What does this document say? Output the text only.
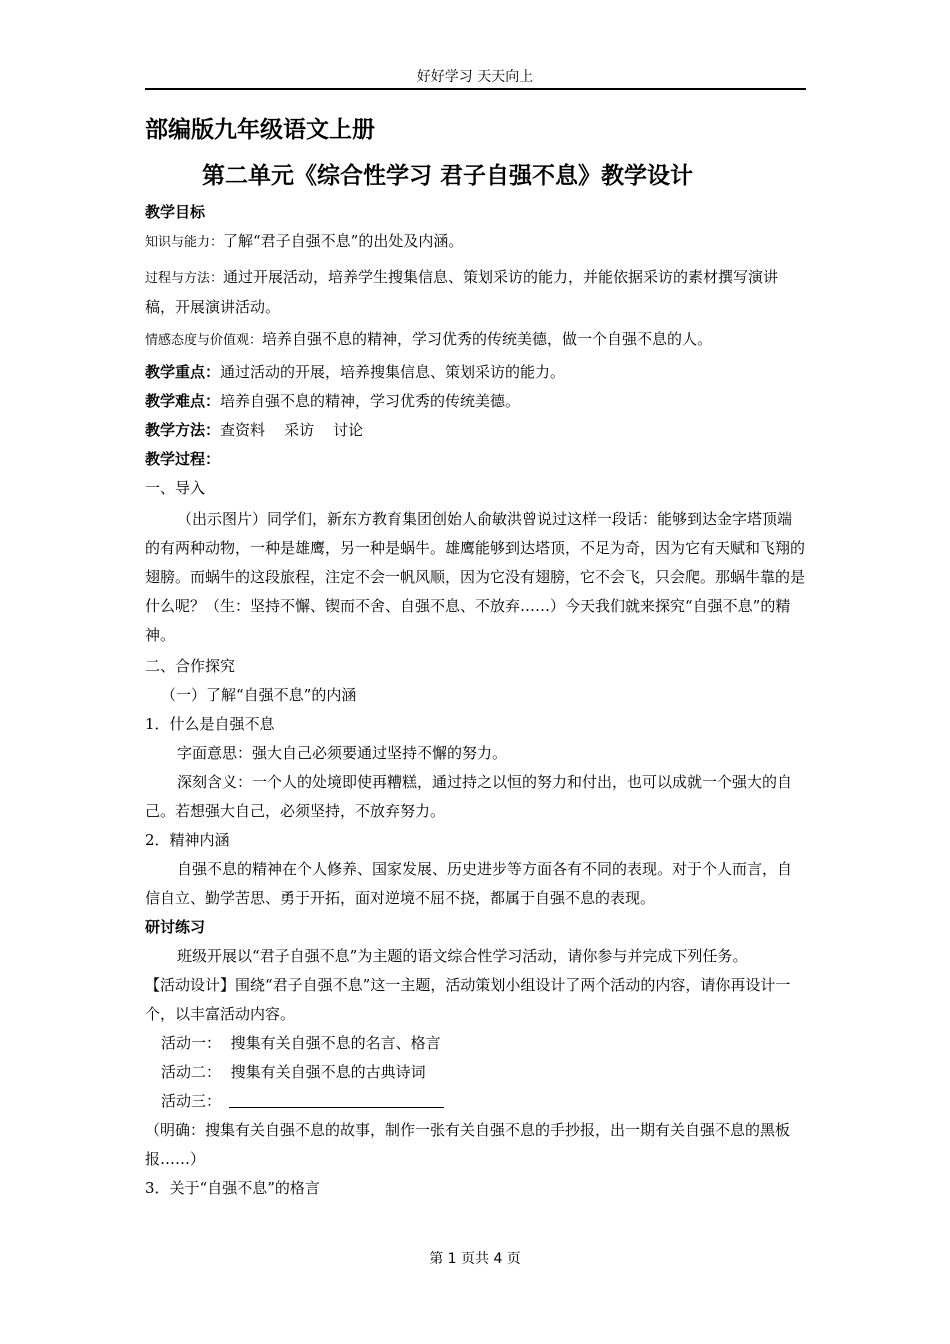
好好学习 天天向上
部编版九年级语文上册
第二单元《综合性学习 君子自强不息》教学设计

教学目标

知识与能力：了解“君子自强不息”的出处及内涵。

过程与方法：通过开展活动，培养学生搜集信息、策划采访的能力，并能依据采访的素材撰写演讲稿，开展演讲活动。

情感态度与价值观：培养自强不息的精神，学习优秀的传统美德，做一个自强不息的人。

教学重点：通过活动的开展，培养搜集信息、策划采访的能力。

教学难点：培养自强不息的精神，学习优秀的传统美德。

教学方法：查资料    采访    讨论

教学过程：

一、导入

（出示图片）同学们，新东方教育集团创始人俞敏洪曾说过这样一段话：能够到达金字塔顶端的有两种动物，一种是雄鹰，另一种是蜗牛。雄鹰能够到达塔顶，不足为奇，因为它有天赋和飞翔的翅膀。而蜗牛的这段旅程，注定不会一帆风顺，因为它没有翅膀，它不会飞，只会爬。那蜗牛靠的是什么呢？（生：坚持不懈、锲而不舍、自强不息、不放弃……）今天我们就来探究“自强不息”的精神。

二、合作探究

（一）了解“自强不息”的内涵

1．什么是自强不息

字面意思：强大自己必须要通过坚持不懈的努力。

深刻含义：一个人的处境即使再糟糕，通过持之以恒的努力和付出，也可以成就一个强大的自己。若想强大自己，必须坚持，不放弃努力。

2．精神内涵

自强不息的精神在个人修养、国家发展、历史进步等方面各有不同的表现。对于个人而言，自信自立、勤学苦思、勇于开拓，面对逆境不屈不挠，都属于自强不息的表现。

研讨练习

班级开展以“君子自强不息”为主题的语文综合性学习活动，请你参与并完成下列任务。

【活动设计】围绕“君子自强不息”这一主题，活动策划小组设计了两个活动的内容，请你再设计一个，以丰富活动内容。

活动一： 搜集有关自强不息的名言、格言

活动二： 搜集有关自强不息的古典诗词

活动三：

（明确：搜集有关自强不息的故事，制作一张有关自强不息的手抄报，出一期有关自强不息的黑板报……）

3．关于“自强不息”的格言

第 1 页共 4 页
